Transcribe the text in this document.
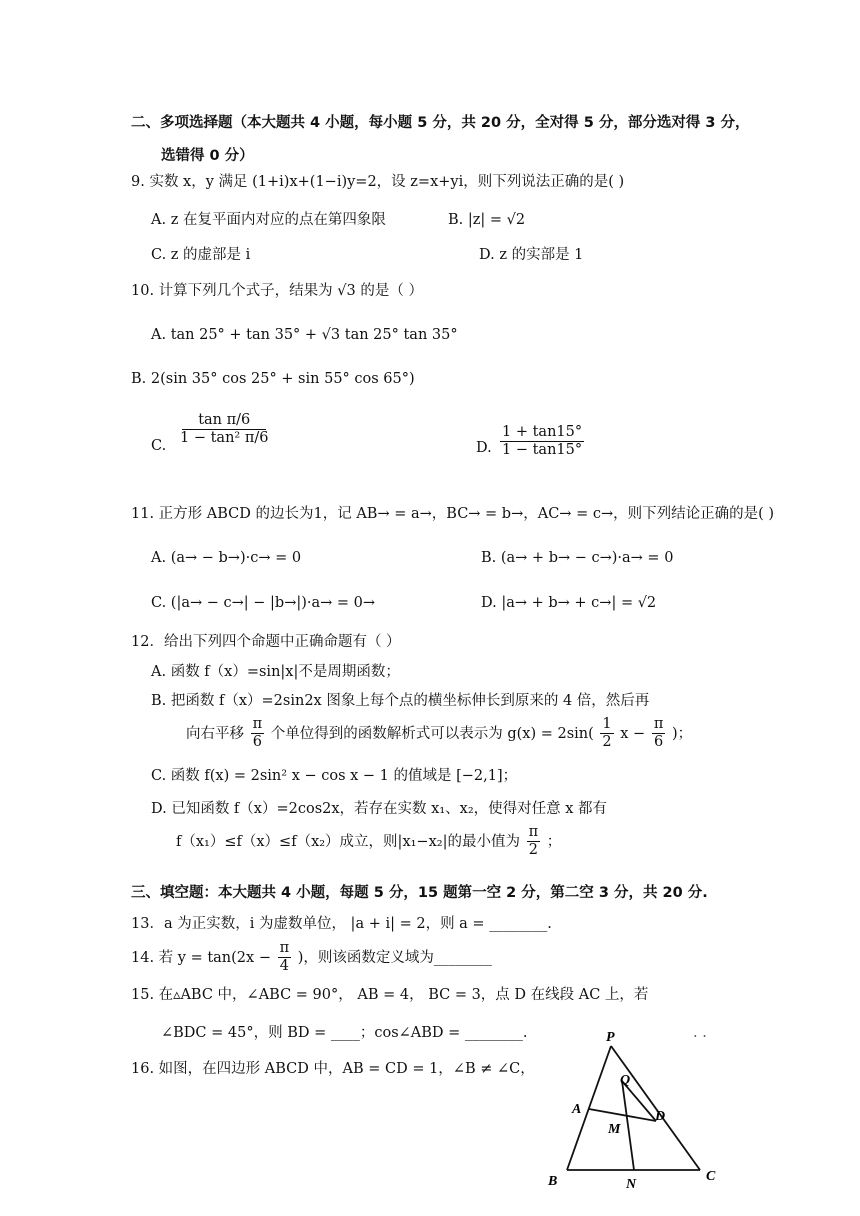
二、多项选择题（本大题共 4 小题，每小题 5 分，共 20 分，全对得 5 分，部分选对得 3 分，
选错得 0 分）
9. 实数 x，y 满足 (1+i)x+(1−i)y=2，设 z=x+yi，则下列说法正确的是( )
A. z 在复平面内对应的点在第四象限	B. |z| = √2
C. z 的虚部是 i	D. z 的实部是 1
10. 计算下列几个式子，结果为 √3 的是（ ）
A. tan 25° + tan 35° + √3 tan 25° tan 35°
B. 2(sin 35° cos 25° + sin 55° cos 65°)
C. $\frac{\text{tan π/6}}{\text{1 − tan² π/6}}$
D. $\frac{1 + \tan 15^\circ}{1 - \tan 15^\circ}$
11. 正方形 ABCD 的边长为1，记 AB→ = a→，BC→ = b→，AC→ = c→，则下列结论正确的是( )
A. (a→ − b→)·c→ = 0	B. (a→ + b→ − c→)·a→ = 0
C. (|a→ − c→| − |b→|)·a→ = 0→	D. |a→ + b→ + c→| = √2
12．给出下列四个命题中正确命题有（ ）
A. 函数 f（x）=sin|x|不是周期函数；
B. 把函数 f（x）=2sin2x 图象上每个点的横坐标伸长到原来的 4 倍，然后再
向右平移 $\frac{\pi}{6}$ 个单位得到的函数解析式可以表示为 $g(x) = 2\sin( \frac{1}{2}$ $x - \frac{\pi}{6}$ )；
C. 函数 f(x) = 2sin² x − cos x − 1 的值域是 [−2,1]；
D. 已知函数 f（x）=2cos2x，若存在实数 x₁、x₂，使得对任意 x 都有
f（x₁）≤f（x）≤f（x₂）成立，则|x₁−x₂|的最小值为 $\frac{\pi}{2}$ ；
三、填空题：本大题共 4 小题，每题 5 分，15 题第一空 2 分，第二空 3 分，共 20 分.
13．a 为正实数，i 为虚数单位， |a + i| = 2，则 a = ________.
14. 若 $y = \tan(2x - \frac{\pi}{4}$ )，则该函数定义域为________
15. 在▵ABC 中，∠ABC = 90°， AB = 4， BC = 3，点 D 在线段 AC 上，若
∠BDC = 45°，则 BD = ____；cos∠ABD = ________.	. .
16. 如图，在四边形 ABCD 中，AB = CD = 1，∠B ≠ ∠C，
P
Q
A	D
M
B	N
C
